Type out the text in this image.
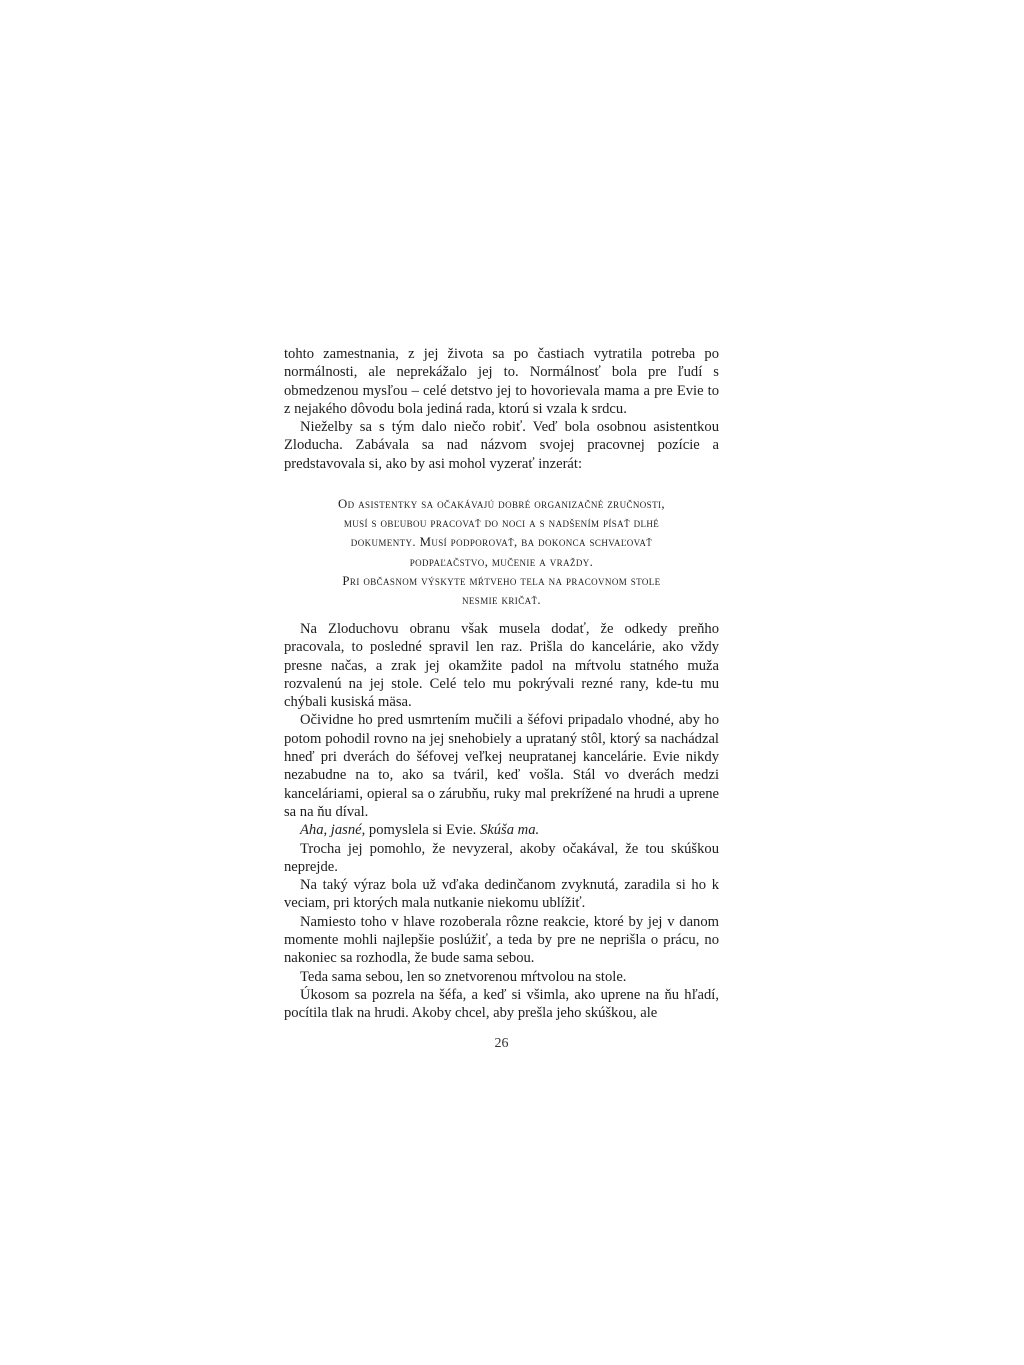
tohto zamestnania, z jej života sa po častiach vytratila potreba po normálnosti, ale neprekážalo jej to. Normálnosť bola pre ľudí s obmedzenou mysľou – celé detstvo jej to hovorievala mama a pre Evie to z nejakého dôvodu bola jediná rada, ktorú si vzala k srdcu.

Nieželby sa s tým dalo niečo robiť. Veď bola osobnou asistentkou Zloducha. Zabávala sa nad názvom svojej pracovnej pozície a predstavovala si, ako by asi mohol vyzerať inzerát:

Od asistentky sa očakávajú dobré organizačné zručnosti,
musí s obľubou pracovať do noci a s nadšením písať dlhé
dokumenty. Musí podporovať, ba dokonca schvaľovať
podpaľačstvo, mučenie a vraždy.
Pri občasnom výskyte mŕtveho tela na pracovnom stole
nesmie kričať.

Na Zloduchovu obranu však musela dodať, že odkedy preňho pracovala, to posledné spravil len raz. Prišla do kancelárie, ako vždy presne načas, a zrak jej okamžite padol na mŕtvolu statného muža rozvalenú na jej stole. Celé telo mu pokrývali rezné rany, kde-tu mu chýbali kusiská mäsa.

Očividne ho pred usmrtením mučili a šéfovi pripadalo vhodné, aby ho potom pohodil rovno na jej snehobiely a uprataný stôl, ktorý sa nachádzal hneď pri dverách do šéfovej veľkej neupratanej kancelárie. Evie nikdy nezabudne na to, ako sa tváril, keď vošla. Stál vo dverách medzi kanceláriami, opieral sa o zárubňu, ruky mal prekrížené na hrudi a uprene sa na ňu díval.

Aha, jasné, pomyslela si Evie. Skúša ma.

Trocha jej pomohlo, že nevyzeral, akoby očakával, že tou skúškou neprejde.

Na taký výraz bola už vďaka dedinčanom zvyknutá, zaradila si ho k veciam, pri ktorých mala nutkanie niekomu ublížiť.

Namiesto toho v hlave rozoberala rôzne reakcie, ktoré by jej v danom momente mohli najlepšie poslúžiť, a teda by pre ne neprišla o prácu, no nakoniec sa rozhodla, že bude sama sebou.

Teda sama sebou, len so znetvorenou mŕtvolou na stole.

Úkosom sa pozrela na šéfa, a keď si všimla, ako uprene na ňu hľadí, pocítila tlak na hrudi. Akoby chcel, aby prešla jeho skúškou, ale

26
